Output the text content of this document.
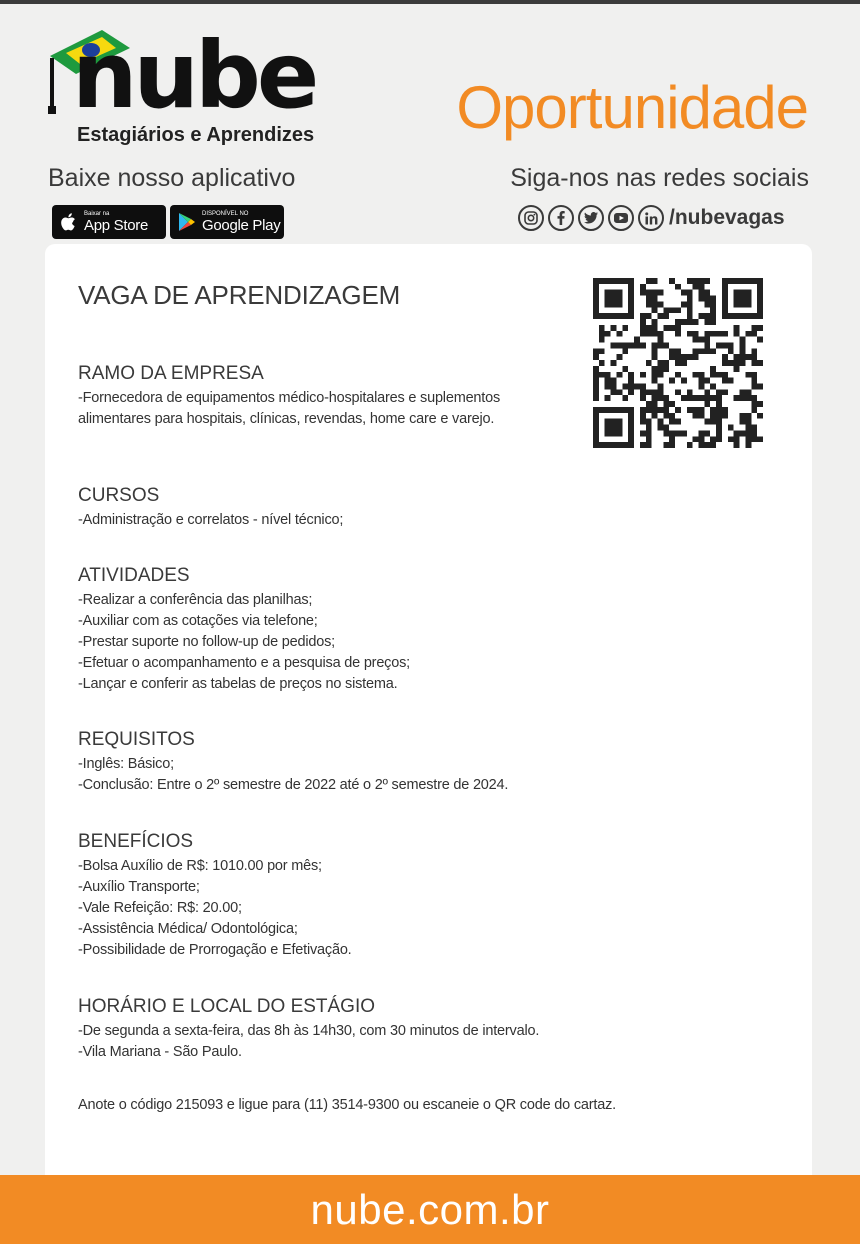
nube
Estagiários e Aprendizes Oportunidade
Baixe nosso aplicativo	Siga-nos nas redes sociais
Baixar na
App Store
DISPONÍVEL NO
Google Play	/nubevagas
VAGA DE APRENDIZAGEM
RAMO DA EMPRESA
-Fornecedora de equipamentos médico-hospitalares e suplementos alimentares para hospitais, clínicas, revendas, home care e varejo.
CURSOS
-Administração e correlatos - nível técnico;
ATIVIDADES
-Realizar a conferência das planilhas;
-Auxiliar com as cotações via telefone;
-Prestar suporte no follow-up de pedidos;
-Efetuar o acompanhamento e a pesquisa de preços;
-Lançar e conferir as tabelas de preços no sistema.
REQUISITOS
-Inglês: Básico;
-Conclusão: Entre o 2º semestre de 2022 até o 2º semestre de 2024.
BENEFÍCIOS
-Bolsa Auxílio de R$: 1010.00 por mês;
-Auxílio Transporte;
-Vale Refeição: R$: 20.00;
-Assistência Médica/ Odontológica;
-Possibilidade de Prorrogação e Efetivação.
HORÁRIO E LOCAL DO ESTÁGIO
-De segunda a sexta-feira, das 8h às 14h30, com 30 minutos de intervalo.
-Vila Mariana - São Paulo.
Anote o código 215093 e ligue para (11) 3514-9300 ou escaneie o QR code do cartaz.
nube.com.br
